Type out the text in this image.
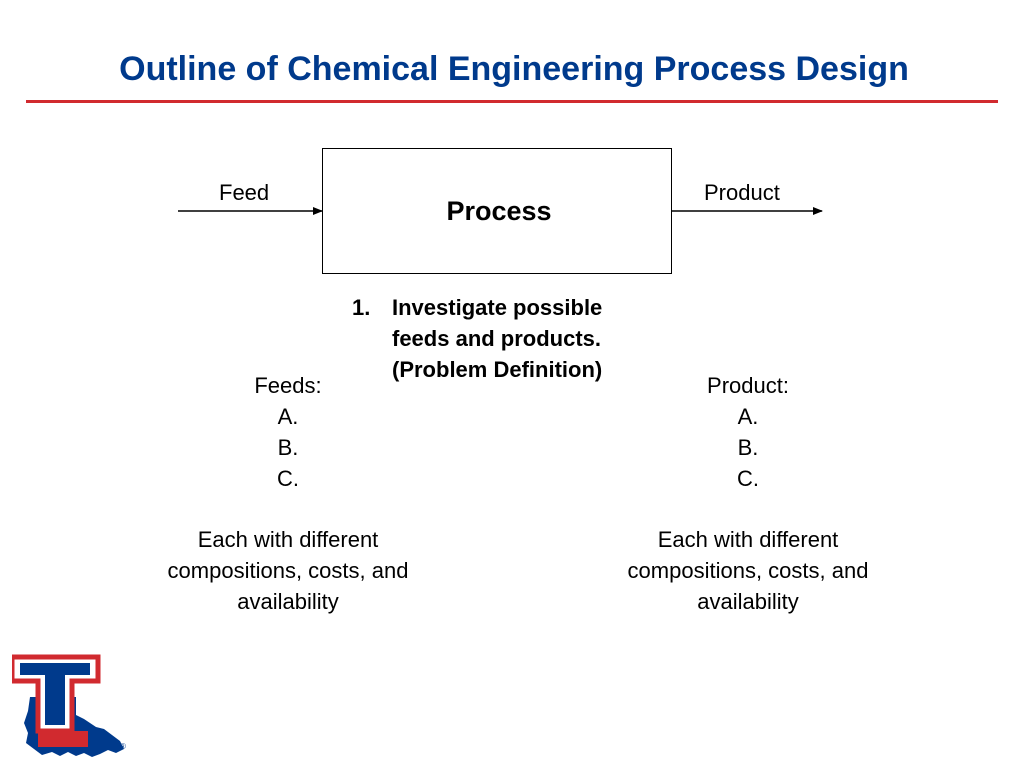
Outline of Chemical Engineering Process Design
Process
Feed	Product
1. Investigate possible
feeds and products.
(Problem Definition)
Feeds:
A.
B.
C.
Each with different
compositions, costs, and
availability
Product:
A.
B.
C.
Each with different
compositions, costs, and
availability
®
